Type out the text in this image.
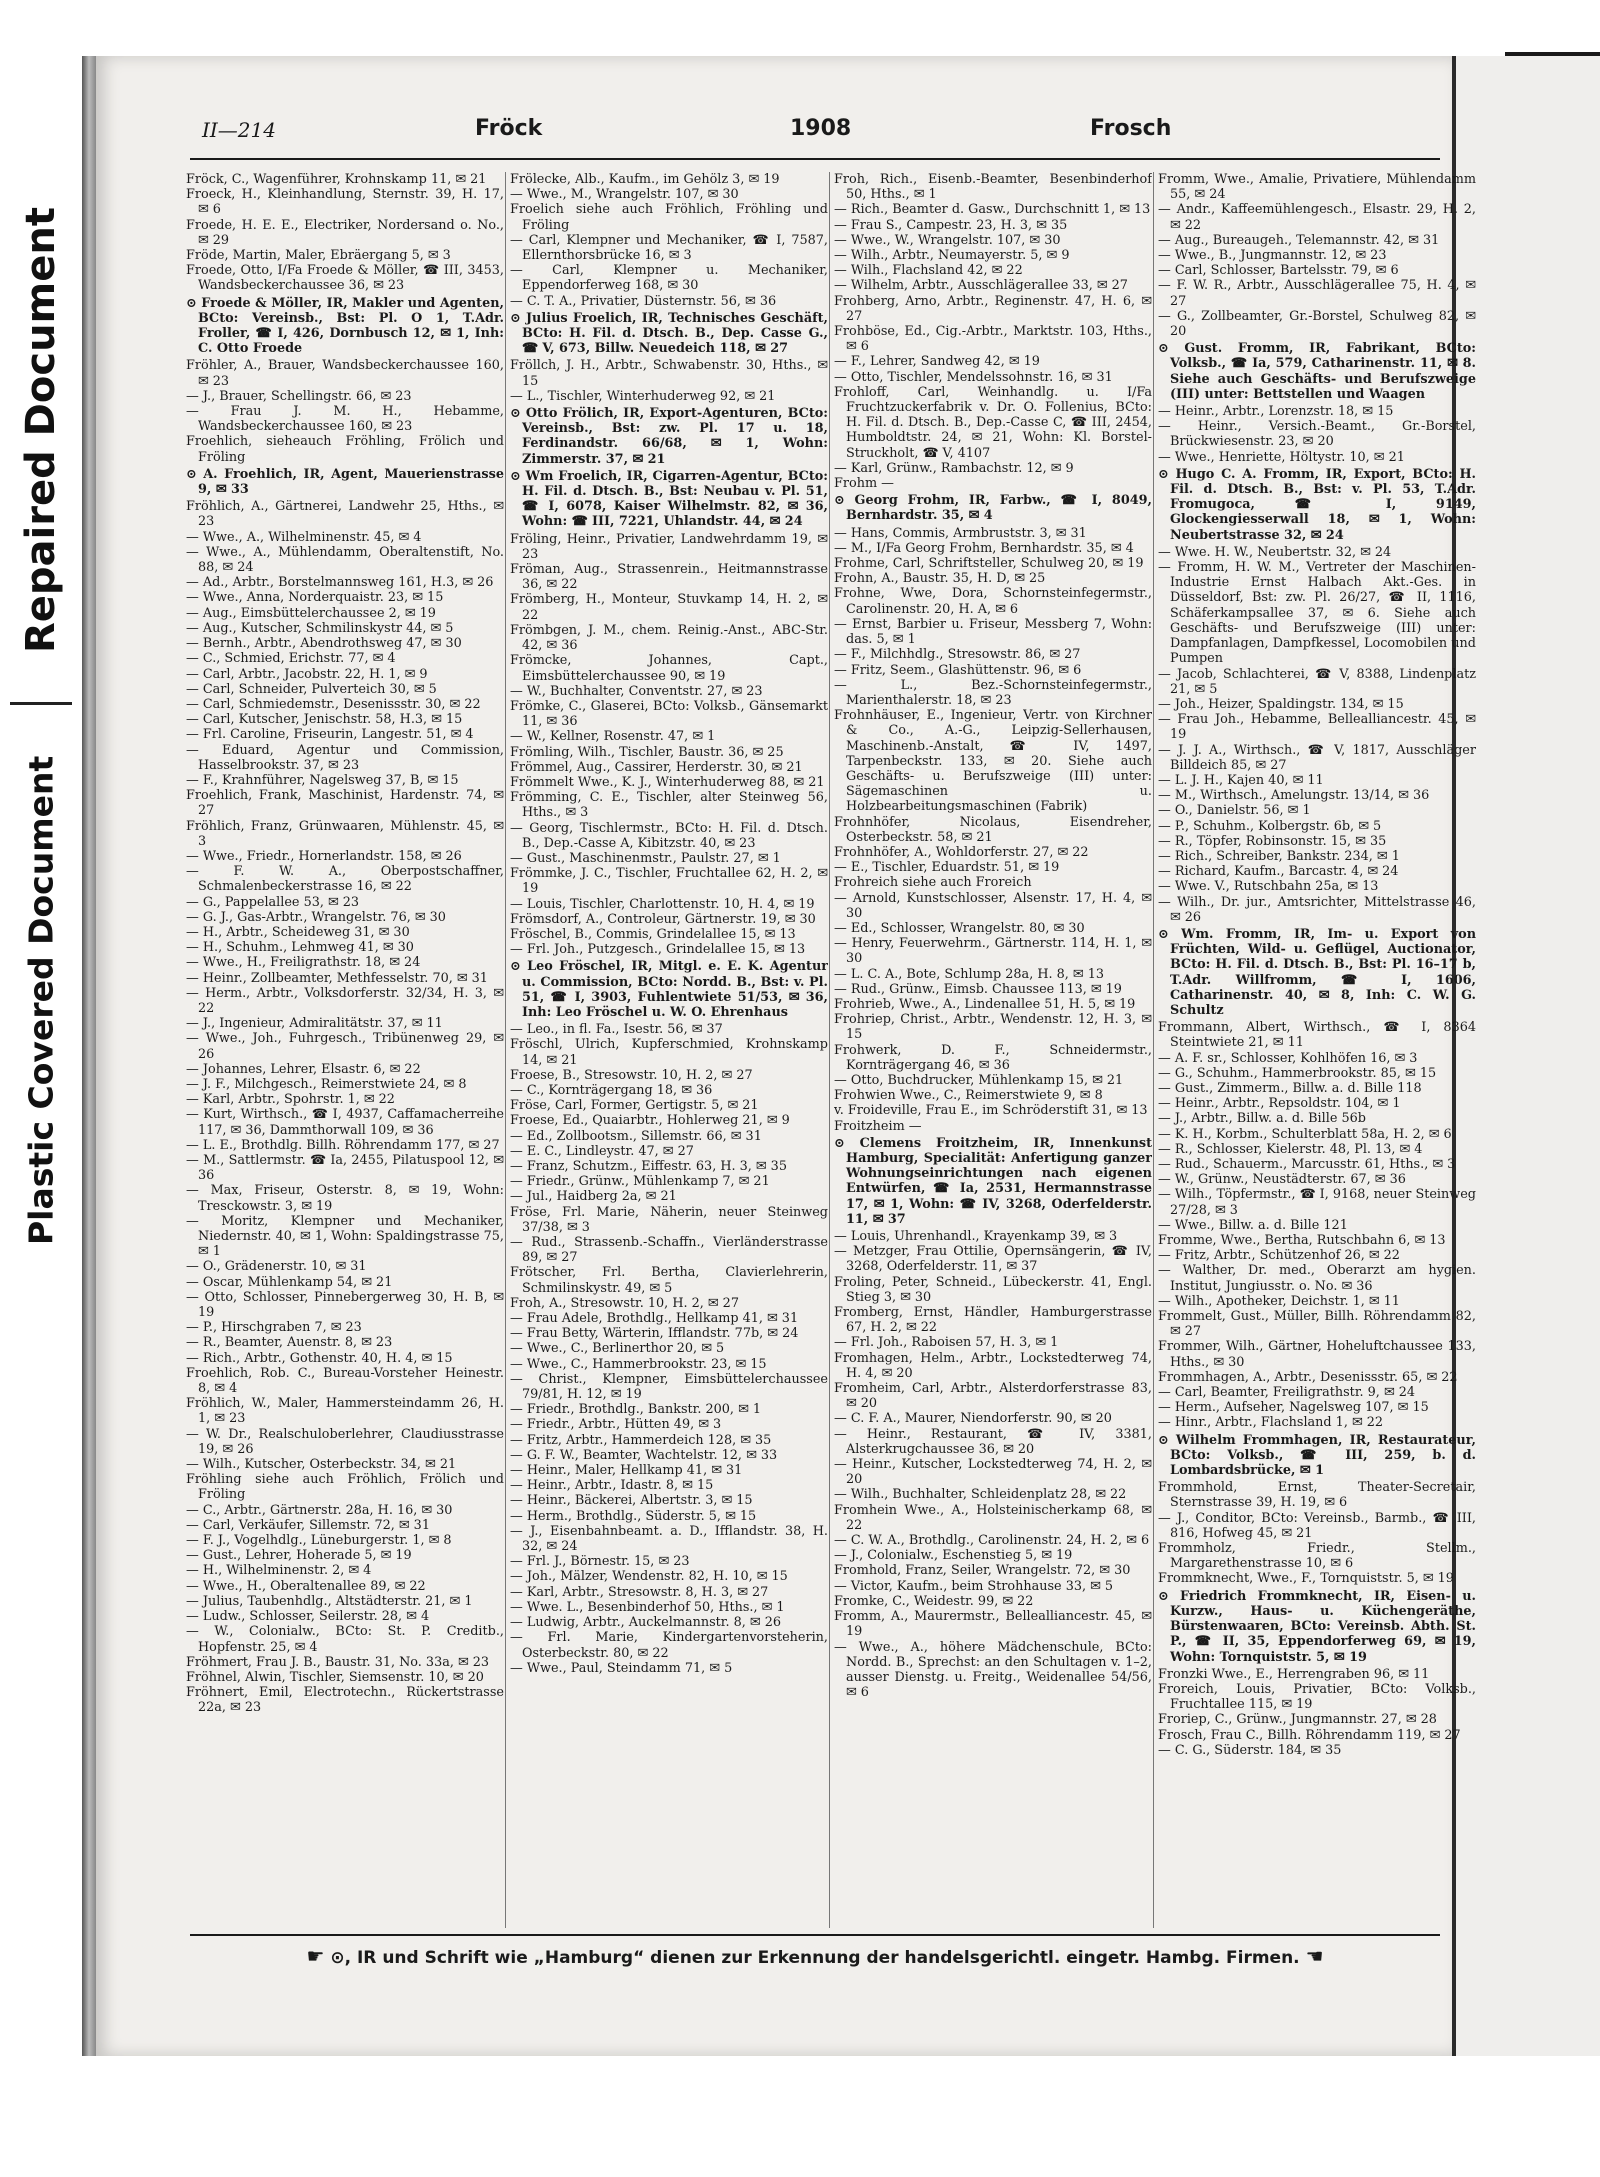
Repaired Document
Plastic Covered Document
II—214	Fröck	1908	Frosch

Fröck, C., Wagenführer, Krohnskamp 11, ✉ 21

Froeck, H., Kleinhandlung, Sternstr. 39, H. 17, ✉ 6

Froede, H. E. E., Electriker, Nordersand o. No., ✉ 29

Fröde, Martin, Maler, Ebräergang 5, ✉ 3

Froede, Otto, I/Fa Froede & Möller, ☎ III, 3453, Wandsbeckerchaussee 36, ✉ 23

⊙ Froede & Möller, IR, Makler und Agenten, BCto: Vereinsb., Bst: Pl. O 1, T.Adr. Froller, ☎ I, 426, Dornbusch 12, ✉ 1, Inh: C. Otto Froede

Fröhler, A., Brauer, Wandsbeckerchaussee 160, ✉ 23

— J., Brauer, Schellingstr. 66, ✉ 23

— Frau J. M. H., Hebamme, Wandsbeckerchaussee 160, ✉ 23

Froehlich, sieheauch Fröhling, Frölich und Fröling

⊙ A. Froehlich, IR, Agent, Mauerienstrasse 9, ✉ 33

Fröhlich, A., Gärtnerei, Landwehr 25, Hths., ✉ 23

— Wwe., A., Wilhelminenstr. 45, ✉ 4

— Wwe., A., Mühlendamm, Oberaltenstift, No. 88, ✉ 24

— Ad., Arbtr., Borstelmannsweg 161, H.3, ✉ 26

— Wwe., Anna, Norderquaistr. 23, ✉ 15

— Aug., Eimsbüttelerchaussee 2, ✉ 19

— Aug., Kutscher, Schmilinskystr 44, ✉ 5

— Bernh., Arbtr., Abendrothsweg 47, ✉ 30

— C., Schmied, Erichstr. 77, ✉ 4

— Carl, Arbtr., Jacobstr. 22, H. 1, ✉ 9

— Carl, Schneider, Pulverteich 30, ✉ 5

— Carl, Schmiedemstr., Desenissstr. 30, ✉ 22

— Carl, Kutscher, Jenischstr. 58, H.3, ✉ 15

— Frl. Caroline, Friseurin, Langestr. 51, ✉ 4

— Eduard, Agentur und Commission, Hasselbrookstr. 37, ✉ 23

— F., Krahnführer, Nagelsweg 37, B, ✉ 15

Froehlich, Frank, Maschinist, Hardenstr. 74, ✉ 27

Fröhlich, Franz, Grünwaaren, Mühlenstr. 45, ✉ 3

— Wwe., Friedr., Hornerlandstr. 158, ✉ 26

— F. W. A., Oberpostschaffner, Schmalenbeckerstrasse 16, ✉ 22

— G., Pappelallee 53, ✉ 23

— G. J., Gas-Arbtr., Wrangelstr. 76, ✉ 30

— H., Arbtr., Scheideweg 31, ✉ 30

— H., Schuhm., Lehmweg 41, ✉ 30

— Wwe., H., Freiligrathstr. 18, ✉ 24

— Heinr., Zollbeamter, Methfesselstr. 70, ✉ 31

— Herm., Arbtr., Volksdorferstr. 32/34, H. 3, ✉ 22

— J., Ingenieur, Admiralitätstr. 37, ✉ 11

— Wwe., Joh., Fuhrgesch., Tribünenweg 29, ✉ 26

— Johannes, Lehrer, Elsastr. 6, ✉ 22

— J. F., Milchgesch., Reimerstwiete 24, ✉ 8

— Karl, Arbtr., Spohrstr. 1, ✉ 22

— Kurt, Wirthsch., ☎ I, 4937, Caffamacherreihe 117, ✉ 36, Dammthorwall 109, ✉ 36

— L. E., Brothdlg. Billh. Röhrendamm 177, ✉ 27

— M., Sattlermstr. ☎ Ia, 2455, Pilatuspool 12, ✉ 36

— Max, Friseur, Osterstr. 8, ✉ 19, Wohn: Tresckowstr. 3, ✉ 19

— Moritz, Klempner und Mechaniker, Niedernstr. 40, ✉ 1, Wohn: Spaldingstrasse 75, ✉ 1

— O., Grädenerstr. 10, ✉ 31

— Oscar, Mühlenkamp 54, ✉ 21

— Otto, Schlosser, Pinnebergerweg 30, H. B, ✉ 19

— P., Hirschgraben 7, ✉ 23

— R., Beamter, Auenstr. 8, ✉ 23

— Rich., Arbtr., Gothenstr. 40, H. 4, ✉ 15

Froehlich, Rob. C., Bureau-Vorsteher Heinestr. 8, ✉ 4

Fröhlich, W., Maler, Hammersteindamm 26, H. 1, ✉ 23

— W. Dr., Realschuloberlehrer, Claudiusstrasse 19, ✉ 26

— Wilh., Kutscher, Osterbeckstr. 34, ✉ 21

Fröhling siehe auch Fröhlich, Frölich und Fröling

— C., Arbtr., Gärtnerstr. 28a, H. 16, ✉ 30

— Carl, Verkäufer, Sillemstr. 72, ✉ 31

— F. J., Vogelhdlg., Lüneburgerstr. 1, ✉ 8

— Gust., Lehrer, Hoherade 5, ✉ 19

— H., Wilhelminenstr. 2, ✉ 4

— Wwe., H., Oberaltenallee 89, ✉ 22

— Julius, Taubenhdlg., Altstädterstr. 21, ✉ 1

— Ludw., Schlosser, Seilerstr. 28, ✉ 4

— W., Colonialw., BCto: St. P. Creditb., Hopfenstr. 25, ✉ 4

Fröhmert, Frau J. B., Baustr. 31, No. 33a, ✉ 23

Fröhnel, Alwin, Tischler, Siemsenstr. 10, ✉ 20

Fröhnert, Emil, Electrotechn., Rückertstrasse 22a, ✉ 23

Frölecke, Alb., Kaufm., im Gehölz 3, ✉ 19

— Wwe., M., Wrangelstr. 107, ✉ 30

Froelich siehe auch Fröhlich, Fröhling und Fröling

— Carl, Klempner und Mechaniker, ☎ I, 7587, Ellernthorsbrücke 16, ✉ 3

— Carl, Klempner u. Mechaniker, Eppendorferweg 168, ✉ 30

— C. T. A., Privatier, Düsternstr. 56, ✉ 36

⊙ Julius Froelich, IR, Technisches Geschäft, BCto: H. Fil. d. Dtsch. B., Dep. Casse G., ☎ V, 673, Billw. Neuedeich 118, ✉ 27

Fröllch, J. H., Arbtr., Schwabenstr. 30, Hths., ✉ 15

— L., Tischler, Winterhuderweg 92, ✉ 21

⊙ Otto Frölich, IR, Export-Agenturen, BCto: Vereinsb., Bst: zw. Pl. 17 u. 18, Ferdinandstr. 66/68, ✉ 1, Wohn: Zimmerstr. 37, ✉ 21

⊙ Wm Froelich, IR, Cigarren-Agentur, BCto: H. Fil. d. Dtsch. B., Bst: Neubau v. Pl. 51, ☎ I, 6078, Kaiser Wilhelmstr. 82, ✉ 36, Wohn: ☎ III, 7221, Uhlandstr. 44, ✉ 24

Fröling, Heinr., Privatier, Landwehrdamm 19, ✉ 23

Fröman, Aug., Strassenrein., Heitmannstrasse 36, ✉ 22

Frömberg, H., Monteur, Stuvkamp 14, H. 2, ✉ 22

Frömbgen, J. M., chem. Reinig.-Anst., ABC-Str. 42, ✉ 36

Frömcke, Johannes, Capt., Eimsbüttelerchaussee 90, ✉ 19

— W., Buchhalter, Conventstr. 27, ✉ 23

Frömke, C., Glaserei, BCto: Volksb., Gänsemarkt 11, ✉ 36

— W., Kellner, Rosenstr. 47, ✉ 1

Frömling, Wilh., Tischler, Baustr. 36, ✉ 25

Frömmel, Aug., Cassirer, Herderstr. 30, ✉ 21

Frömmelt Wwe., K. J., Winterhuderweg 88, ✉ 21

Frömming, C. E., Tischler, alter Steinweg 56, Hths., ✉ 3

— Georg, Tischlermstr., BCto: H. Fil. d. Dtsch. B., Dep.-Casse A, Kibitzstr. 40, ✉ 23

— Gust., Maschinenmstr., Paulstr. 27, ✉ 1

Frömmke, J. C., Tischler, Fruchtallee 62, H. 2, ✉ 19

— Louis, Tischler, Charlottenstr. 10, H. 4, ✉ 19

Frömsdorf, A., Controleur, Gärtnerstr. 19, ✉ 30

Fröschel, B., Commis, Grindelallee 15, ✉ 13

— Frl. Joh., Putzgesch., Grindelallee 15, ✉ 13

⊙ Leo Fröschel, IR, Mitgl. e. E. K. Agentur u. Commission, BCto: Nordd. B., Bst: v. Pl. 51, ☎ I, 3903, Fuhlentwiete 51/53, ✉ 36, Inh: Leo Fröschel u. W. O. Ehrenhaus

— Leo., in fl. Fa., Isestr. 56, ✉ 37

Fröschl, Ulrich, Kupferschmied, Krohnskamp 14, ✉ 21

Froese, B., Stresowstr. 10, H. 2, ✉ 27

— C., Kornträgergang 18, ✉ 36

Fröse, Carl, Former, Gertigstr. 5, ✉ 21

Froese, Ed., Quaiarbtr., Hohlerweg 21, ✉ 9

— Ed., Zollbootsm., Sillemstr. 66, ✉ 31

— E. C., Lindleystr. 47, ✉ 27

— Franz, Schutzm., Eiffestr. 63, H. 3, ✉ 35

— Friedr., Grünw., Mühlenkamp 7, ✉ 21

— Jul., Haidberg 2a, ✉ 21

Fröse, Frl. Marie, Näherin, neuer Steinweg 37/38, ✉ 3

— Rud., Strassenb.-Schaffn., Vierländerstrasse 89, ✉ 27

Frötscher, Frl. Bertha, Clavierlehrerin, Schmilinskystr. 49, ✉ 5

Froh, A., Stresowstr. 10, H. 2, ✉ 27

— Frau Adele, Brothdlg., Hellkamp 41, ✉ 31

— Frau Betty, Wärterin, Ifflandstr. 77b, ✉ 24

— Wwe., C., Berlinerthor 20, ✉ 5

— Wwe., C., Hammerbrookstr. 23, ✉ 15

— Christ., Klempner, Eimsbüttelerchaussee 79/81, H. 12, ✉ 19

— Friedr., Brothdlg., Bankstr. 200, ✉ 1

— Friedr., Arbtr., Hütten 49, ✉ 3

— Fritz, Arbtr., Hammerdeich 128, ✉ 35

— G. F. W., Beamter, Wachtelstr. 12, ✉ 33

— Heinr., Maler, Hellkamp 41, ✉ 31

— Heinr., Arbtr., Idastr. 8, ✉ 15

— Heinr., Bäckerei, Albertstr. 3, ✉ 15

— Herm., Brothdlg., Süderstr. 5, ✉ 15

— J., Eisenbahnbeamt. a. D., Ifflandstr. 38, H. 32, ✉ 24

— Frl. J., Börnestr. 15, ✉ 23

— Joh., Mälzer, Wendenstr. 82, H. 10, ✉ 15

— Karl, Arbtr., Stresowstr. 8, H. 3, ✉ 27

— Wwe. L., Besenbinderhof 50, Hths., ✉ 1

— Ludwig, Arbtr., Auckelmannstr. 8, ✉ 26

— Frl. Marie, Kindergartenvorsteherin, Osterbeckstr. 80, ✉ 22

— Wwe., Paul, Steindamm 71, ✉ 5

Froh, Rich., Eisenb.-Beamter, Besenbinderhof 50, Hths., ✉ 1

— Rich., Beamter d. Gasw., Durchschnitt 1, ✉ 13

— Frau S., Campestr. 23, H. 3, ✉ 35

— Wwe., W., Wrangelstr. 107, ✉ 30

— Wilh., Arbtr., Neumayerstr. 5, ✉ 9

— Wilh., Flachsland 42, ✉ 22

— Wilhelm, Arbtr., Ausschlägerallee 33, ✉ 27

Frohberg, Arno, Arbtr., Reginenstr. 47, H. 6, ✉ 27

Frohböse, Ed., Cig.-Arbtr., Marktstr. 103, Hths., ✉ 6

— F., Lehrer, Sandweg 42, ✉ 19

— Otto, Tischler, Mendelssohnstr. 16, ✉ 31

Frohloff, Carl, Weinhandlg. u. I/Fa Fruchtzuckerfabrik v. Dr. O. Follenius, BCto: H. Fil. d. Dtsch. B., Dep.-Casse C, ☎ III, 2454, Humboldtstr. 24, ✉ 21, Wohn: Kl. Borstel-Struckholt, ☎ V, 4107

— Karl, Grünw., Rambachstr. 12, ✉ 9

Frohm —

⊙ Georg Frohm, IR, Farbw., ☎ I, 8049, Bernhardstr. 35, ✉ 4

— Hans, Commis, Armbruststr. 3, ✉ 31

— M., I/Fa Georg Frohm, Bernhardstr. 35, ✉ 4

Frohme, Carl, Schriftsteller, Schulweg 20, ✉ 19

Frohn, A., Baustr. 35, H. D, ✉ 25

Frohne, Wwe, Dora, Schornsteinfegermstr., Carolinenstr. 20, H. A, ✉ 6

— Ernst, Barbier u. Friseur, Messberg 7, Wohn: das. 5, ✉ 1

— F., Milchhdlg., Stresowstr. 86, ✉ 27

— Fritz, Seem., Glashüttenstr. 96, ✉ 6

— L., Bez.-Schornsteinfegermstr., Marienthalerstr. 18, ✉ 23

Frohnhäuser, E., Ingenieur, Vertr. von Kirchner & Co., A.-G., Leipzig-Sellerhausen, Maschinenb.-Anstalt, ☎ IV, 1497, Tarpenbeckstr. 133, ✉ 20. Siehe auch Geschäfts- u. Berufszweige (III) unter: Sägemaschinen u. Holzbearbeitungsmaschinen (Fabrik)

Frohnhöfer, Nicolaus, Eisendreher, Osterbeckstr. 58, ✉ 21

Frohnhöfer, A., Wohldorferstr. 27, ✉ 22

— E., Tischler, Eduardstr. 51, ✉ 19

Frohreich siehe auch Froreich

— Arnold, Kunstschlosser, Alsenstr. 17, H. 4, ✉ 30

— Ed., Schlosser, Wrangelstr. 80, ✉ 30

— Henry, Feuerwehrm., Gärtnerstr. 114, H. 1, ✉ 30

— L. C. A., Bote, Schlump 28a, H. 8, ✉ 13

— Rud., Grünw., Eimsb. Chaussee 113, ✉ 19

Frohrieb, Wwe., A., Lindenallee 51, H. 5, ✉ 19

Frohriep, Christ., Arbtr., Wendenstr. 12, H. 3, ✉ 15

Frohwerk, D. F., Schneidermstr., Kornträgergang 46, ✉ 36

— Otto, Buchdrucker, Mühlenkamp 15, ✉ 21

Frohwien Wwe., C., Reimerstwiete 9, ✉ 8

v. Froideville, Frau E., im Schröderstift 31, ✉ 13

Froitzheim —

⊙ Clemens Froitzheim, IR, Innenkunst Hamburg, Specialität: Anfertigung ganzer Wohnungseinrichtungen nach eigenen Entwürfen, ☎ Ia, 2531, Hermannstrasse 17, ✉ 1, Wohn: ☎ IV, 3268, Oderfelderstr. 11, ✉ 37

— Louis, Uhrenhandl., Krayenkamp 39, ✉ 3

— Metzger, Frau Ottilie, Opernsängerin, ☎ IV, 3268, Oderfelderstr. 11, ✉ 37

Froling, Peter, Schneid., Lübeckerstr. 41, Engl. Stieg 3, ✉ 30

Fromberg, Ernst, Händler, Hamburgerstrasse 67, H. 2, ✉ 22

— Frl. Joh., Raboisen 57, H. 3, ✉ 1

Fromhagen, Helm., Arbtr., Lockstedterweg 74, H. 4, ✉ 20

Fromheim, Carl, Arbtr., Alsterdorferstrasse 83, ✉ 20

— C. F. A., Maurer, Niendorferstr. 90, ✉ 20

— Heinr., Restaurant, ☎ IV, 3381, Alsterkrugchaussee 36, ✉ 20

— Heinr., Kutscher, Lockstedterweg 74, H. 2, ✉ 20

— Wilh., Buchhalter, Schleidenplatz 28, ✉ 22

Fromhein Wwe., A., Holsteinischerkamp 68, ✉ 22

— C. W. A., Brothdlg., Carolinenstr. 24, H. 2, ✉ 6

— J., Colonialw., Eschenstieg 5, ✉ 19

Fromhold, Franz, Seiler, Wrangelstr. 72, ✉ 30

— Victor, Kaufm., beim Strohhause 33, ✉ 5

Fromke, C., Weidestr. 99, ✉ 22

Fromm, A., Maurermstr., Bellealliancestr. 45, ✉ 19

— Wwe., A., höhere Mädchenschule, BCto: Nordd. B., Sprechst: an den Schultagen v. 1–2, ausser Dienstg. u. Freitg., Weidenallee 54/56, ✉ 6

Fromm, Wwe., Amalie, Privatiere, Mühlendamm 55, ✉ 24

— Andr., Kaffeemühlengesch., Elsastr. 29, H. 2, ✉ 22

— Aug., Bureaugeh., Telemannstr. 42, ✉ 31

— Wwe., B., Jungmannstr. 12, ✉ 23

— Carl, Schlosser, Bartelsstr. 79, ✉ 6

— F. W. R., Arbtr., Ausschlägerallee 75, H. 4, ✉ 27

— G., Zollbeamter, Gr.-Borstel, Schulweg 82, ✉ 20

⊙ Gust. Fromm, IR, Fabrikant, BCto: Volksb., ☎ Ia, 579, Catharinenstr. 11, ✉ 8. Siehe auch Geschäfts- und Berufszweige (III) unter: Bettstellen und Waagen

— Heinr., Arbtr., Lorenzstr. 18, ✉ 15

— Heinr., Versich.-Beamt., Gr.-Borstel, Brückwiesenstr. 23, ✉ 20

— Wwe., Henriette, Höltystr. 10, ✉ 21

⊙ Hugo C. A. Fromm, IR, Export, BCto: H. Fil. d. Dtsch. B., Bst: v. Pl. 53, T.Adr. Fromugoca, ☎ I, 9149, Glockengiesserwall 18, ✉ 1, Wohn: Neubertstrasse 32, ✉ 24

— Wwe. H. W., Neubertstr. 32, ✉ 24

— Fromm, H. W. M., Vertreter der Maschinen-Industrie Ernst Halbach Akt.-Ges. in Düsseldorf, Bst: zw. Pl. 26/27, ☎ II, 1116, Schäferkampsallee 37, ✉ 6. Siehe auch Geschäfts- und Berufszweige (III) unter: Dampfanlagen, Dampfkessel, Locomobilen und Pumpen

— Jacob, Schlachterei, ☎ V, 8388, Lindenplatz 21, ✉ 5

— Joh., Heizer, Spaldingstr. 134, ✉ 15

— Frau Joh., Hebamme, Bellealliancestr. 45, ✉ 19

— J. J. A., Wirthsch., ☎ V, 1817, Ausschläger Billdeich 85, ✉ 27

— L. J. H., Kajen 40, ✉ 11

— M., Wirthsch., Amelungstr. 13/14, ✉ 36

— O., Danielstr. 56, ✉ 1

— P., Schuhm., Kolbergstr. 6b, ✉ 5

— R., Töpfer, Robinsonstr. 15, ✉ 35

— Rich., Schreiber, Bankstr. 234, ✉ 1

— Richard, Kaufm., Barcastr. 4, ✉ 24

— Wwe. V., Rutschbahn 25a, ✉ 13

— Wilh., Dr. jur., Amtsrichter, Mittelstrasse 46, ✉ 26

⊙ Wm. Fromm, IR, Im- u. Export von Früchten, Wild- u. Geflügel, Auctionator, BCto: H. Fil. d. Dtsch. B., Bst: Pl. 16–17 b, T.Adr. Willfromm, ☎ I, 1606, Catharinenstr. 40, ✉ 8, Inh: C. W. G. Schultz

Frommann, Albert, Wirthsch., ☎ I, 8364 Steintwiete 21, ✉ 11

— A. F. sr., Schlosser, Kohlhöfen 16, ✉ 3

— G., Schuhm., Hammerbrookstr. 85, ✉ 15

— Gust., Zimmerm., Billw. a. d. Bille 118

— Heinr., Arbtr., Repsoldstr. 104, ✉ 1

— J., Arbtr., Billw. a. d. Bille 56b

— K. H., Korbm., Schulterblatt 58a, H. 2, ✉ 6

— R., Schlosser, Kielerstr. 48, Pl. 13, ✉ 4

— Rud., Schauerm., Marcusstr. 61, Hths., ✉ 3

— W., Grünw., Neustädterstr. 67, ✉ 36

— Wilh., Töpfermstr., ☎ I, 9168, neuer Steinweg 27/28, ✉ 3

— Wwe., Billw. a. d. Bille 121

Fromme, Wwe., Bertha, Rutschbahn 6, ✉ 13

— Fritz, Arbtr., Schützenhof 26, ✉ 22

— Walther, Dr. med., Oberarzt am hygien. Institut, Jungiusstr. o. No. ✉ 36

— Wilh., Apotheker, Deichstr. 1, ✉ 11

Frommelt, Gust., Müller, Billh. Röhrendamm 82, ✉ 27

Frommer, Wilh., Gärtner, Hoheluftchaussee 133, Hths., ✉ 30

Frommhagen, A., Arbtr., Desenissstr. 65, ✉ 22

— Carl, Beamter, Freiligrathstr. 9, ✉ 24

— Herm., Aufseher, Nagelsweg 107, ✉ 15

— Hinr., Arbtr., Flachsland 1, ✉ 22

⊙ Wilhelm Frommhagen, IR, Restaurateur, BCto: Volksb., ☎ III, 259, b. d. Lombardsbrücke, ✉ 1

Frommhold, Ernst, Theater-Secretair, Sternstrasse 39, H. 19, ✉ 6

— J., Conditor, BCto: Vereinsb., Barmb., ☎ III, 816, Hofweg 45, ✉ 21

Frommholz, Friedr., Stellm., Margarethenstrasse 10, ✉ 6

Frommknecht, Wwe., F., Tornquiststr. 5, ✉ 19

⊙ Friedrich Frommknecht, IR, Eisen- u. Kurzw., Haus- u. Küchengeräthe, Bürstenwaaren, BCto: Vereinsb. Abth. St. P., ☎ II, 35, Eppendorferweg 69, ✉ 19, Wohn: Tornquiststr. 5, ✉ 19

Fronzki Wwe., E., Herrengraben 96, ✉ 11

Froreich, Louis, Privatier, BCto: Volksb., Fruchtallee 115, ✉ 19

Froriep, C., Grünw., Jungmannstr. 27, ✉ 28

Frosch, Frau C., Billh. Röhrendamm 119, ✉ 27

— C. G., Süderstr. 184, ✉ 35

☛ ⊙, IR und Schrift wie „Hamburg“ dienen zur Erkennung der handelsgerichtl. eingetr. Hambg. Firmen. ☚
